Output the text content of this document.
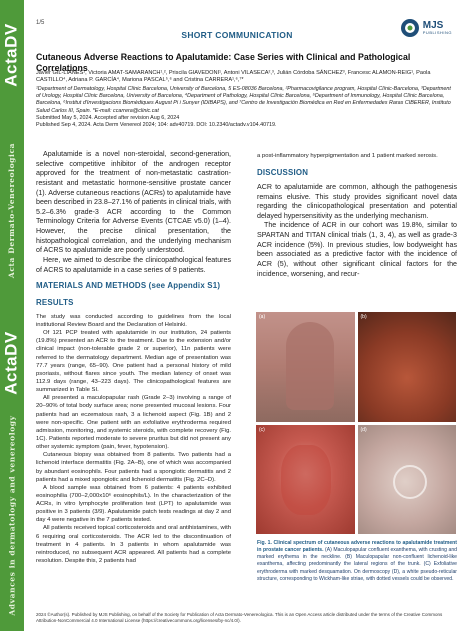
ActaDV
Acta Dermato-Venereologica
ActaDV
Advances in dermatology and venereology
1/5
SHORT COMMUNICATION
MJS
PUBLISHING
Cutaneous Adverse Reactions to Apalutamide: Case Series with Clinical and Pathological Correlations
Javier GIL-LIANES¹, Victoria AMAT-SAMARANCH¹,², Priscila GIAVEDONI¹, Antoni VILASECA²,³, Julián Córdoba SÁNCHEZ³, Francesc ALAMON-REIG¹, Paola CASTILLO⁴, Adriana P. GARCÍA⁴, Mariona PASCAL⁵,⁶ and Cristina CARRERA¹,⁶,⁷*

¹Department of Dermatology, Hospital Clínic Barcelona, University of Barcelona, 5 ES-08036 Barcelona, ²Pharmacovigilance program, Hospital Clínic-Barcelona, ³Department of Urology, Hospital Clínic Barcelona, University of Barcelona, ⁴Department of Pathology, Hospital Clínic Barcelona, ⁵Department of Immunology, Hospital Clínic Barcelona, Barcelona, ⁶Institut d'Investigacions Biomèdiques August Pi i Sunyer (IDIBAPS), and ⁷Centro de Investigación Biomédica en Red en Enfermedades Raras CIBERER, Instituto Salud Carlos III, Spain. *E-mail: ccarrera@clinic.cat

Submitted May 5, 2024. Accepted after revision Aug 6, 2024

Published Sep 4, 2024. Acta Derm Venereol 2024; 104: adv40719. DOI: 10.2340/actadv.v104.40719.

Apalutamide is a novel non-steroidal, second-generation, selective competitive inhibitor of the androgen receptor approved for the treatment of non-metastatic castration-resistant and metastatic hormone-sensitive prostate cancer (1). Adverse cutaneous reactions (ACRs) to apalutamide have been described in 23.8–27.1% of patients in clinical trials, with 5.2–6.3% grade-3 ACR according to the Common Terminology Criteria for Adverse Events (CTCAE v5.0) (1–4). However, the precise clinical presentation, the histopathological correlation, and the underlying mechanism of ACRS to apalutamide are poorly understood.

Here, we aimed to describe the clinicopathological features of ACRS to apalutamide in a case series of 9 patients.

MATERIALS AND METHODS (see Appendix S1)
RESULTS

The study was conducted according to guidelines from the local institutional Review Board and the Declaration of Helsinki.

Of 121 PCP treated with apalutamide in our institution, 24 patients (19.8%) presented an ACR to the treatment. Due to the extension and/or clinical impact (non-tolerable grade 2 or superior), 11n patients were referred to the dermatology department. Median age of presentation was 77.7 years (range, 65–90). One patient had a personal history of mild psoriasis, without flares since youth. The median latency of onset was 112.9 days (range, 43–223 days). The clinicopathological features are summarized in Table SI.

All presented a maculopapular rash (Grade 2–3) involving a range of 20–90% of total body surface area; none presented mucosal lesions. Four patients had an eczematous rash, 3 a lichenoid aspect (Fig. 1B) and 2 were non-specific. One patient with an exfoliative erythroderma required admission, monitoring, and systemic steroids, with complete recovery (Fig. 1C). Patients reported moderate to severe pruritus but did not present any other systemic symptom (pain, fever, hypotension).

Cutaneous biopsy was obtained from 8 patients. Two patients had a lichenoid interface dermatitis (Fig. 2A–B), one of which was accompanied by abundant eosinophils. Four patients had a spongiotic dermatitis and 2 patients had a mixed spongiotic and lichenoid dermatitis (Fig. 2C–D).

A blood sample was obtained from 6 patients: 4 patients exhibited eosinophilia (700–2,000x10⁶ eosinophils/L). In the characterization of the ACRs, in vitro lymphocyte proliferation test (LPT) to apalutamide was positive in 3 patients (3/9). Apalutamide patch tests readings at day 2 and day 4 were negative in the 7 patients tested.

All patients received topical corticosteroids and oral antihistamines, with 6 requiring oral corticosteroids. The ACR led to the discontinuation of treatment in 4 patients. In 3 patients in whom apalutamide was reintroduced, no subsequent ACR appeared. All patients had a complete resolution. Despite this, 2 patients had

a post-inflammatory hyperpigmentation and 1 patient marked xerosis.

DISCUSSION

ACR to apalutamide are common, although the pathogenesis remains elusive. This study provides significant novel data regarding the clinicopathological presentation and potential delayed hypersensitivity as the underlying mechanism.

The incidence of ACR in our cohort was 19.8%, similar to SPARTAN and TITAN clinical trials (1, 3, 4), as well as grade-3 ACR incidence (5%). In previous studies, low bodyweight has been associated as a predictive factor with the incidence of ACR (5), without other significant clinical factors for the incidence, worsening, and recur-

(a)	(b)
(c)	(d)
Fig. 1. Clinical spectrum of cutaneous adverse reactions to apalutamide treatment in prostate cancer patients. (A) Maculopapular confluent exanthema, with crusting and marked erythema in the neckline. (B) Maculopapular non-confluent lichenoid-like exanthema, affecting predominantly the lateral regions of the trunk. (C) Exfoliative erythroderma with marked desquamation. On dermoscopy (D), a white pseudo-reticular structure, corresponding to Wickham-like striae, with dotted vessels could be observed.
2024 ©Author(s). Published by MJS Publishing, on behalf of the Society for Publication of Acta Dermato-Venereologica. This is an Open Access article distributed under the terms of the Creative Commons Attribution-NonCommercial 4.0 International License (https://creativecommons.org/licenses/by-nc/4.0/).
